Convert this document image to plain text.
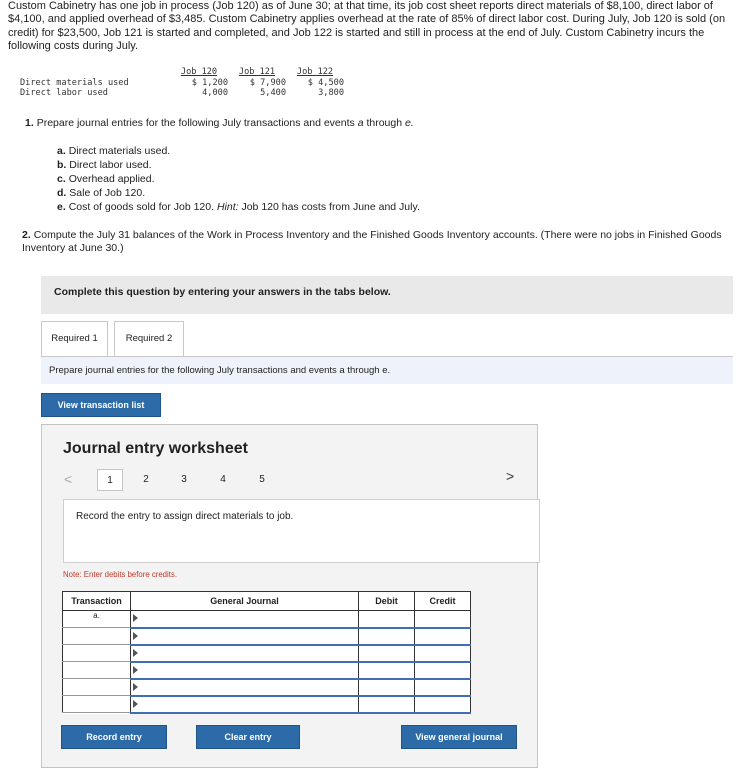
Custom Cabinetry has one job in process (Job 120) as of June 30; at that time, its job cost sheet reports direct materials of $8,100, direct labor of $4,100, and applied overhead of $3,485. Custom Cabinetry applies overhead at the rate of 85% of direct labor cost. During July, Job 120 is sold (on credit) for $23,500, Job 121 is started and completed, and Job 122 is started and still in process at the end of July. Custom Cabinetry incurs the following costs during July.
	Job 120	Job 121	Job 122
Direct materials used	$ 1,200	$ 7,900	$ 4,500
Direct labor used	4,000	5,400	3,800
1. Prepare journal entries for the following July transactions and events a through e.
a. Direct materials used.
b. Direct labor used.
c. Overhead applied.
d. Sale of Job 120.
e. Cost of goods sold for Job 120. Hint: Job 120 has costs from June and July.
2. Compute the July 31 balances of the Work in Process Inventory and the Finished Goods Inventory accounts. (There were no jobs in Finished Goods Inventory at June 30.)
Complete this question by entering your answers in the tabs below.
Required 1	Required 2
Prepare journal entries for the following July transactions and events a through e.
View transaction list
Journal entry worksheet
<	1	2	3	4	5
Record the entry to assign direct materials to job.
Note: Enter debits before credits.
Transaction	General Journal	Debit	Credit
a.	

>
Record entry	Clear entry	View general journal
